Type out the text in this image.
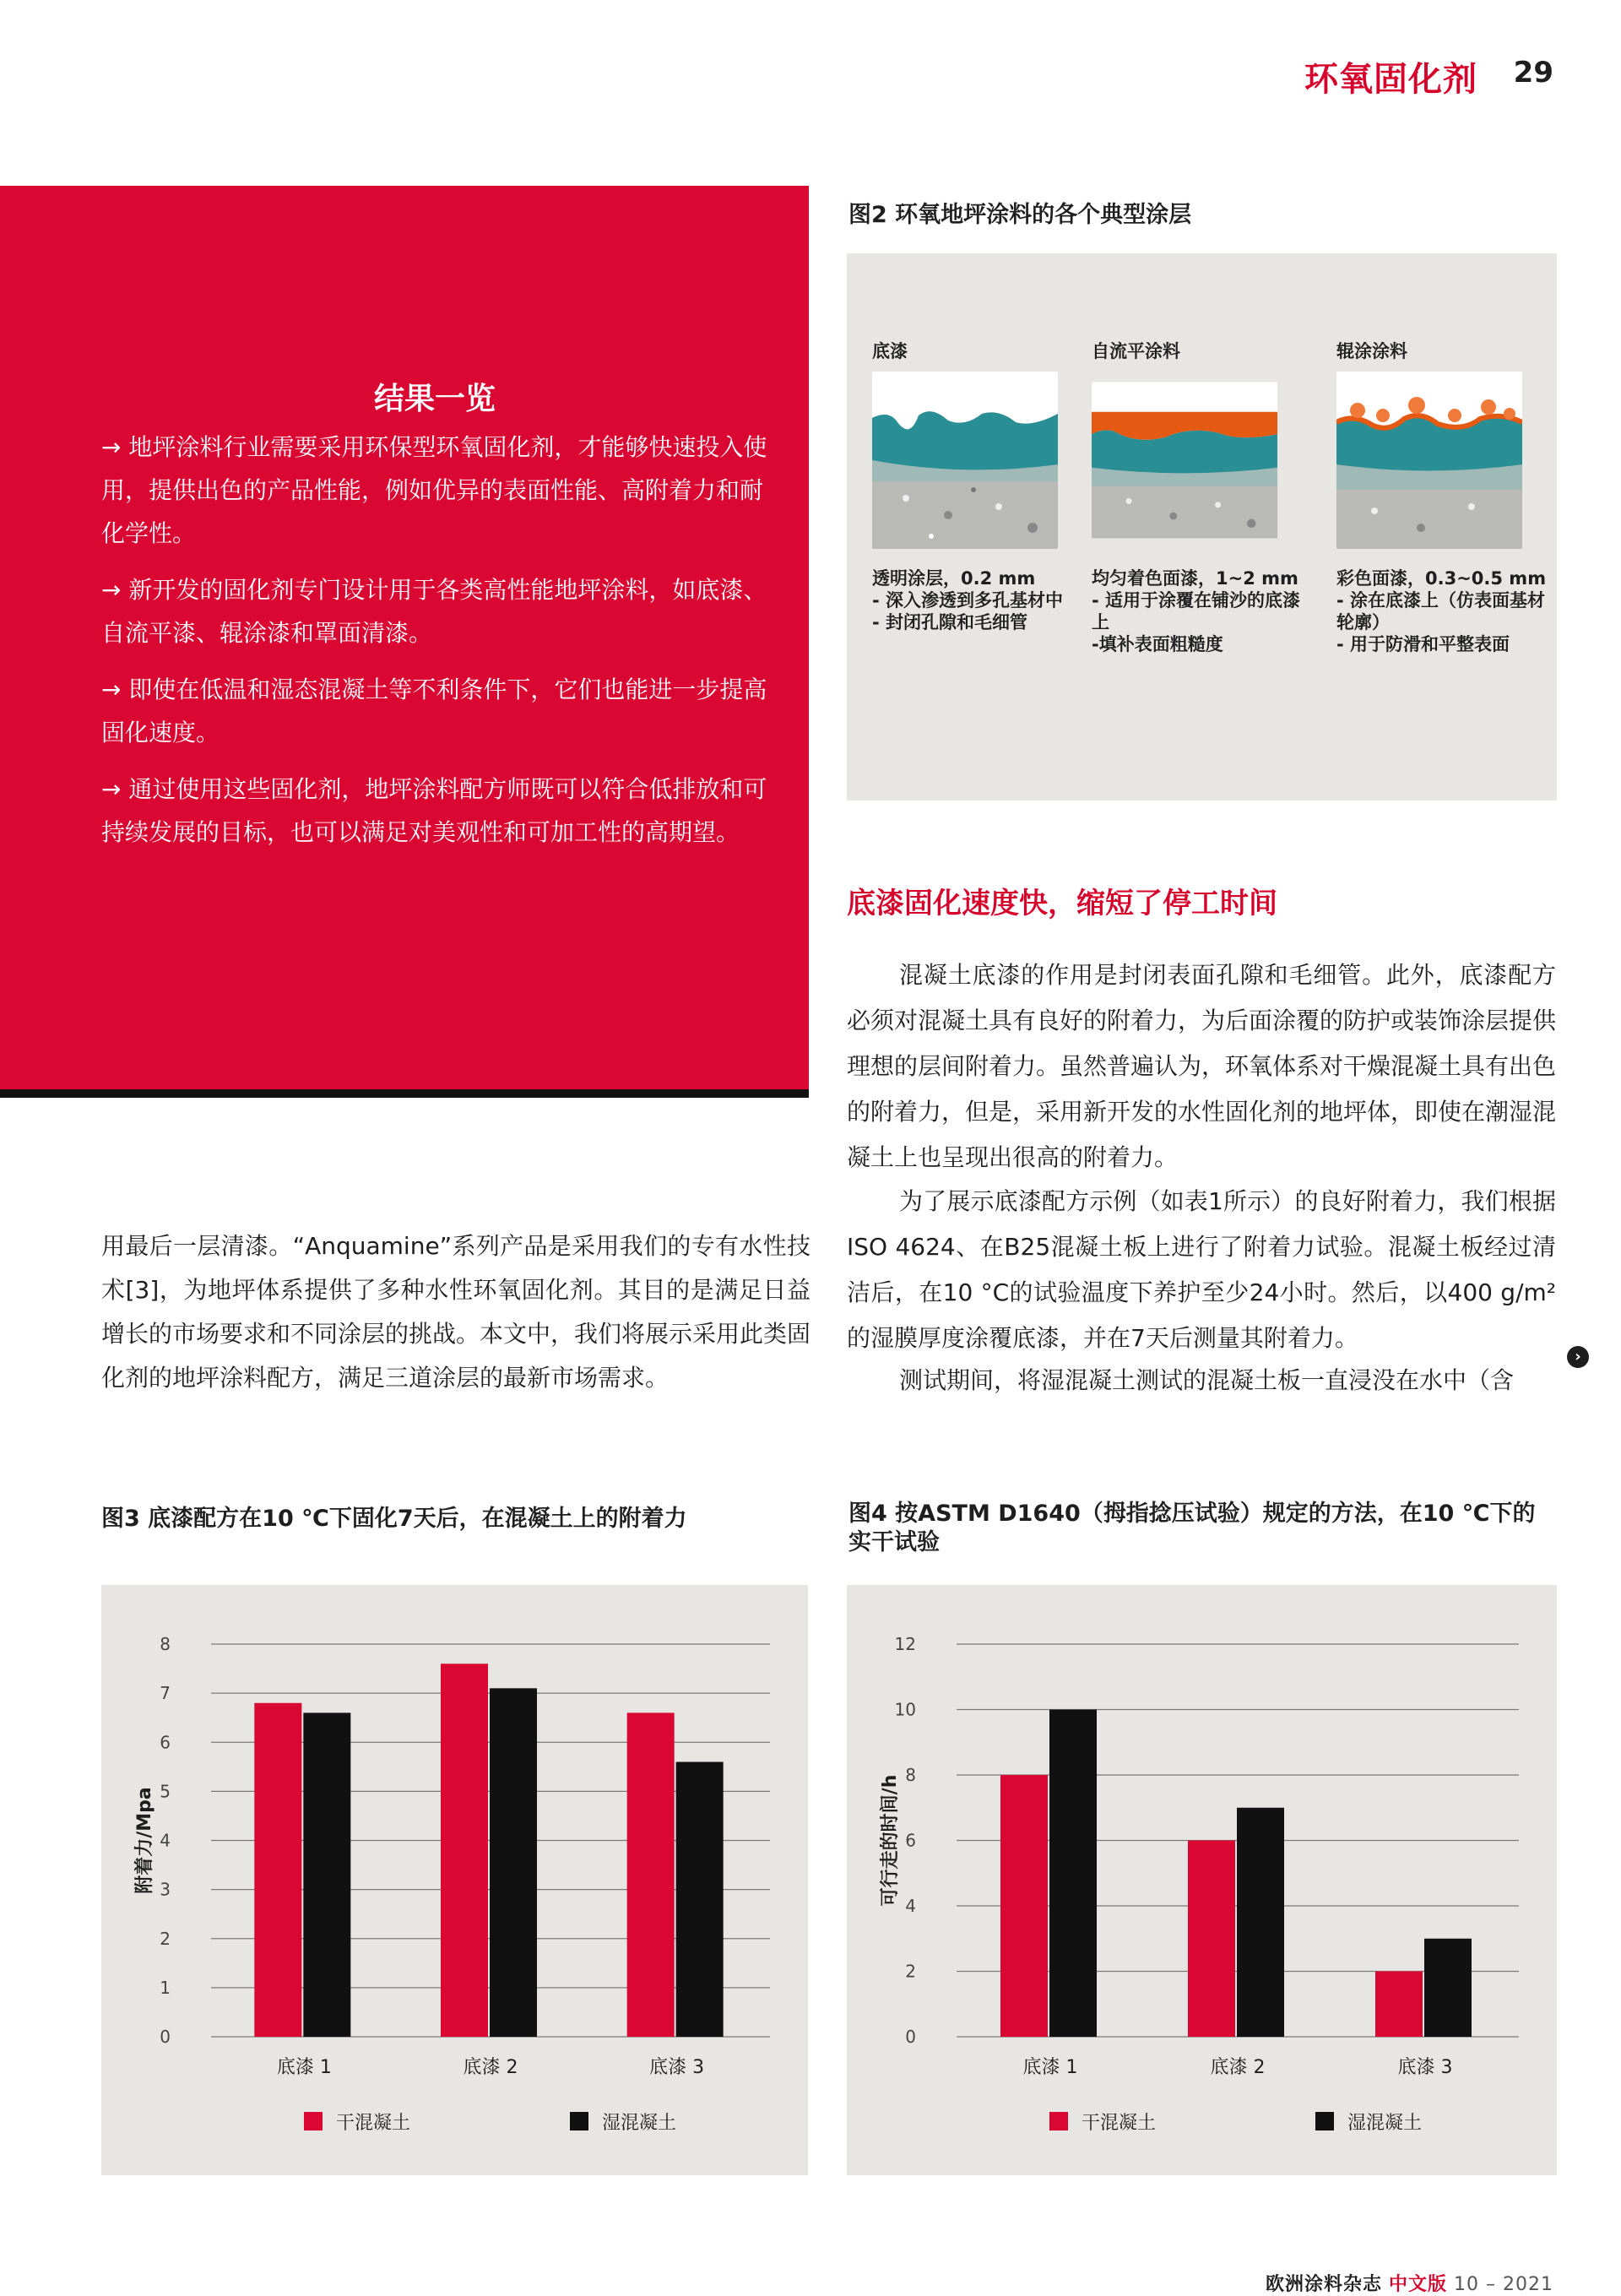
环氧固化剂 29
结果一览

→ 地坪涂料行业需要采用环保型环氧固化剂，才能够快速投入使用，提供出色的产品性能，例如优异的表面性能、高附着力和耐化学性。

→ 新开发的固化剂专门设计用于各类高性能地坪涂料，如底漆、自流平漆、辊涂漆和罩面清漆。

→ 即使在低温和湿态混凝土等不利条件下，它们也能进一步提高固化速度。

→ 通过使用这些固化剂，地坪涂料配方师既可以符合低排放和可持续发展的目标，也可以满足对美观性和可加工性的高期望。

图2 环氧地坪涂料的各个典型涂层
底漆
透明涂层，0.2 mm
- 深入渗透到多孔基材中
- 封闭孔隙和毛细管
自流平涂料
均匀着色面漆，1~2 mm
- 适用于涂覆在铺沙的底漆上
-填补表面粗糙度
辊涂涂料
彩色面漆，0.3~0.5 mm
- 涂在底漆上（仿表面基材轮廓）
- 用于防滑和平整表面
底漆固化速度快，缩短了停工时间

混凝土底漆的作用是封闭表面孔隙和毛细管。此外，底漆配方必须对混凝土具有良好的附着力，为后面涂覆的防护或装饰涂层提供理想的层间附着力。虽然普遍认为，环氧体系对干燥混凝土具有出色的附着力，但是，采用新开发的水性固化剂的地坪体，即使在潮湿混凝土上也呈现出很高的附着力。

为了展示底漆配方示例（如表1所示）的良好附着力，我们根据ISO 4624、在B25混凝土板上进行了附着力试验。混凝土板经过清洁后，在10 °C的试验温度下养护至少24小时。然后，以400 g/m²的湿膜厚度涂覆底漆，并在7天后测量其附着力。

测试期间，将湿混凝土测试的混凝土板一直浸没在水中（含

›

用最后一层清漆。“Anquamine”系列产品是采用我们的专有水性技术[3]，为地坪体系提供了多种水性环氧固化剂。其目的是满足日益增长的市场要求和不同涂层的挑战。本文中，我们将展示采用此类固化剂的地坪涂料配方，满足三道涂层的最新市场需求。

图3 底漆配方在10 ℃下固化7天后，在混凝土上的附着力	图4 按ASTM D1640（拇指捻压试验）规定的方法，在10 ℃下的实干试验
0
1
2
3
4
5
6
7
8
附着力/Mpa
底漆 1	底漆 2	底漆 3
干混凝土	湿混凝土
0
2
4
6
8
10
12
可行走的时间/h
底漆 1	底漆 2	底漆 3
干混凝土	湿混凝土
欧洲涂料杂志 中文版 10 – 2021
